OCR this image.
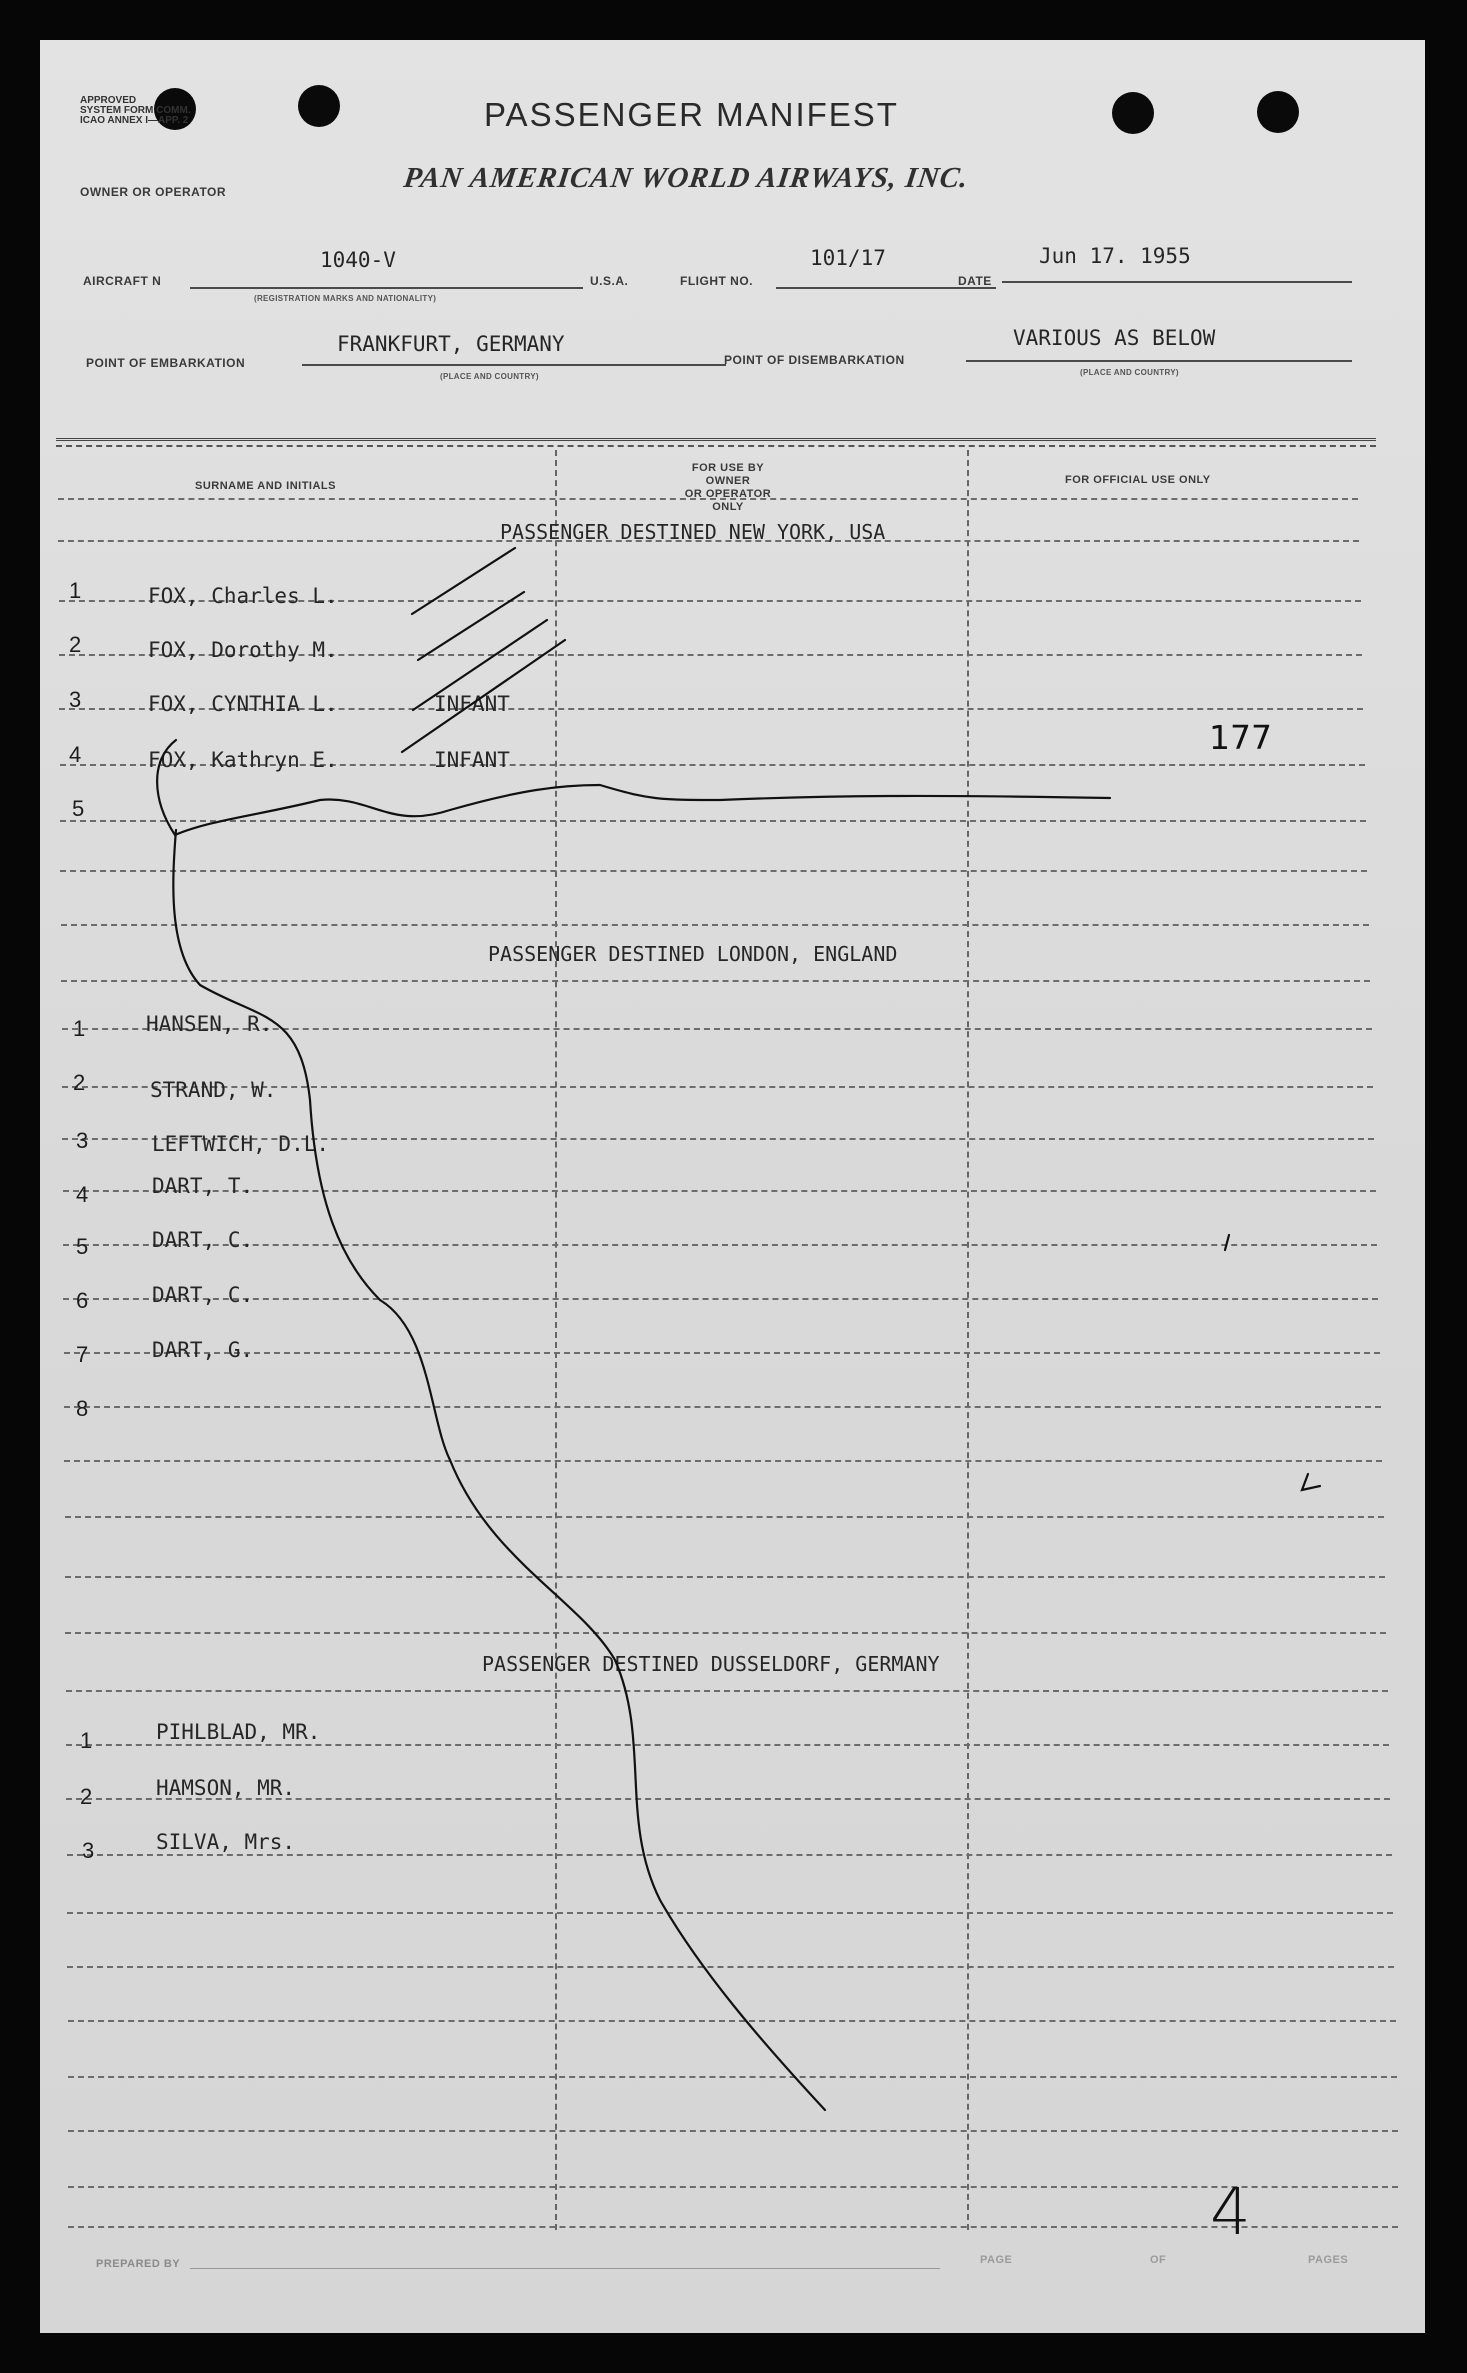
APPROVED
SYSTEM FORM COMM.
ICAO ANNEX I—APP. 2	PASSENGER MANIFEST
OWNER OR OPERATOR	PAN AMERICAN WORLD AIRWAYS, INC.
AIRCRAFT N
1040-V
(REGISTRATION MARKS AND NATIONALITY)
U.S.A.	FLIGHT NO.
101/17
DATE
Jun 17. 1955
POINT OF EMBARKATION
FRANKFURT, GERMANY
(PLACE AND COUNTRY)
POINT OF DISEMBARKATION
VARIOUS AS BELOW
(PLACE AND COUNTRY)
SURNAME AND INITIALS
FOR USE BY OWNER
OR OPERATOR ONLY
FOR OFFICIAL USE ONLY
PASSENGER DESTINED NEW YORK, USA
PASSENGER DESTINED LONDON, ENGLAND
PASSENGER DESTINED DUSSELDORF, GERMANY
1	FOX, Charles L.
2	FOX, Dorothy M.
3	FOX, CYNTHIA L.	INFANT
4	FOX, Kathryn E.	INFANT
5
177
1	HANSEN, R.
2	STRAND, W.
3	LEFTWICH, D.L.
4	DART, T.
5	DART, C.
6	DART, C.
7	DART, G.
8
1	PIHLBLAD, MR.
2	HAMSON, MR.
3	SILVA, Mrs.
4
PREPARED BY	PAGE	OF	PAGES
